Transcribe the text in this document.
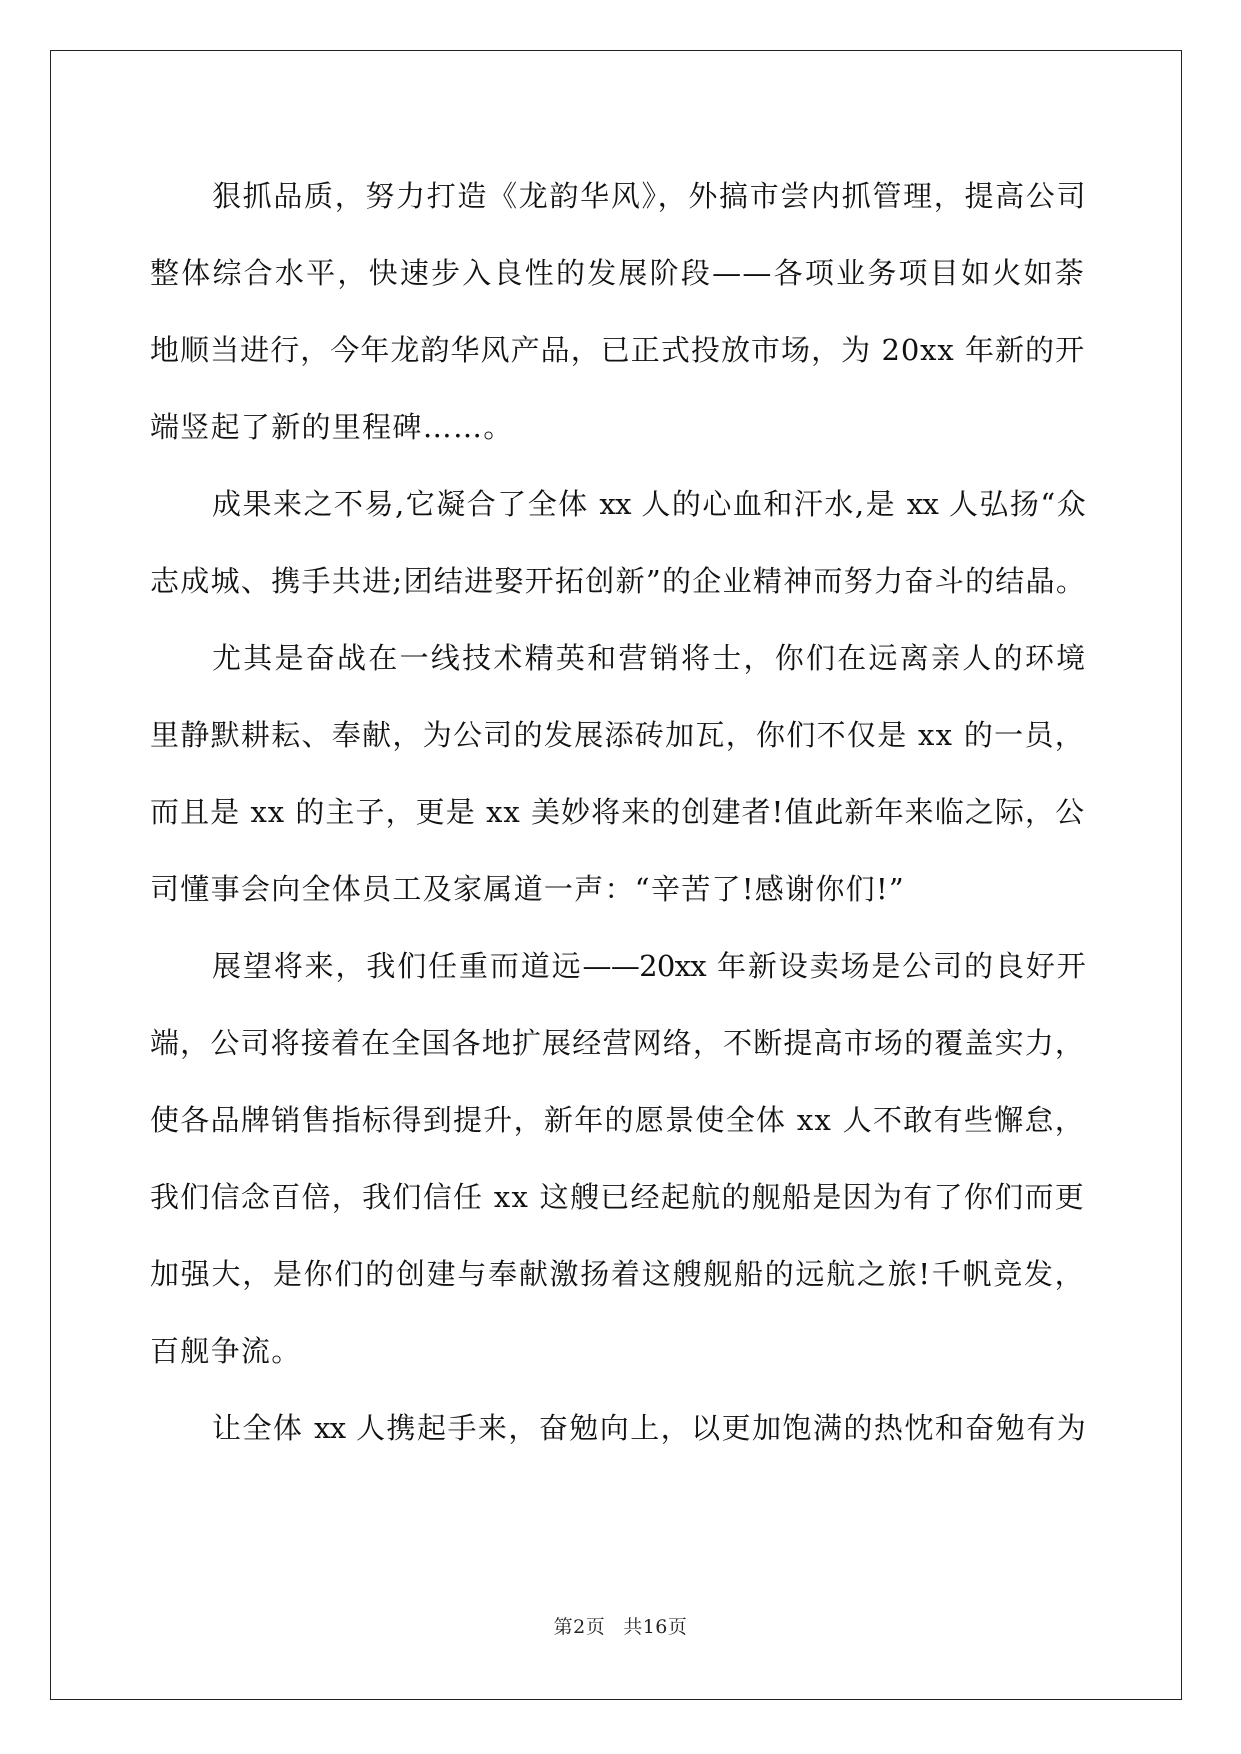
狠抓品质，努力打造《龙韵华风》，外搞市尝内抓管理，提高公司
整体综合水平，快速步入良性的发展阶段——各项业务项目如火如荼
地顺当进行，今年龙韵华风产品，已正式投放市场，为 20xx 年新的开
端竖起了新的里程碑……。
成果来之不易,它凝合了全体 xx 人的心血和汗水,是 xx 人弘扬“众
志成城、携手共进;团结进娶开拓创新”的企业精神而努力奋斗的结晶。
尤其是奋战在一线技术精英和营销将士，你们在远离亲人的环境
里静默耕耘、奉献，为公司的发展添砖加瓦，你们不仅是 xx 的一员，
而且是 xx 的主子，更是 xx 美妙将来的创建者!值此新年来临之际，公
司懂事会向全体员工及家属道一声：“辛苦了!感谢你们!”
展望将来，我们任重而道远——20xx 年新设卖场是公司的良好开
端，公司将接着在全国各地扩展经营网络，不断提高市场的覆盖实力，
使各品牌销售指标得到提升，新年的愿景使全体 xx 人不敢有些懈怠，
我们信念百倍，我们信任 xx 这艘已经起航的舰船是因为有了你们而更
加强大，是你们的创建与奉献激扬着这艘舰船的远航之旅!千帆竞发，
百舰争流。
让全体 xx 人携起手来，奋勉向上，以更加饱满的热忱和奋勉有为
第2页 共16页
